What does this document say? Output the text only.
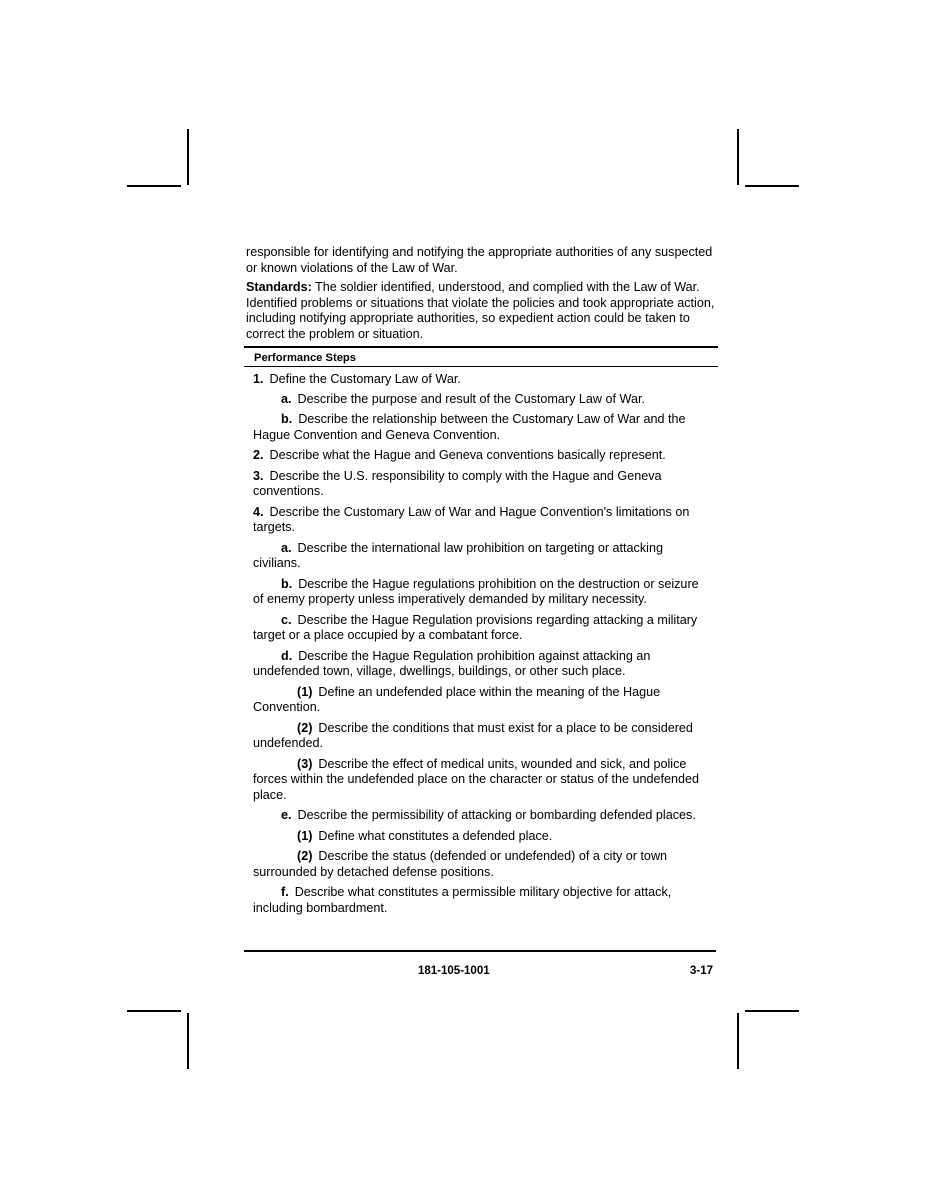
responsible for identifying and notifying the appropriate authorities of any suspected or known violations of the Law of War.

Standards: The soldier identified, understood, and complied with the Law of War. Identified problems or situations that violate the policies and took appropriate action, including notifying appropriate authorities, so expedient action could be taken to correct the problem or situation.

Performance Steps

1. Define the Customary Law of War.

a. Describe the purpose and result of the Customary Law of War.

b. Describe the relationship between the Customary Law of War and the Hague Convention and Geneva Convention.

2. Describe what the Hague and Geneva conventions basically represent.

3. Describe the U.S. responsibility to comply with the Hague and Geneva conventions.

4. Describe the Customary Law of War and Hague Convention's limitations on targets.

a. Describe the international law prohibition on targeting or attacking civilians.

b. Describe the Hague regulations prohibition on the destruction or seizure of enemy property unless imperatively demanded by military necessity.

c. Describe the Hague Regulation provisions regarding attacking a military target or a place occupied by a combatant force.

d. Describe the Hague Regulation prohibition against attacking an undefended town, village, dwellings, buildings, or other such place.

(1) Define an undefended place within the meaning of the Hague Convention.

(2) Describe the conditions that must exist for a place to be considered undefended.

(3) Describe the effect of medical units, wounded and sick, and police forces within the undefended place on the character or status of the undefended place.

e. Describe the permissibility of attacking or bombarding defended places.

(1) Define what constitutes a defended place.

(2) Describe the status (defended or undefended) of a city or town surrounded by detached defense positions.

f. Describe what constitutes a permissible military objective for attack, including bombardment.

181-105-1001	3-17
